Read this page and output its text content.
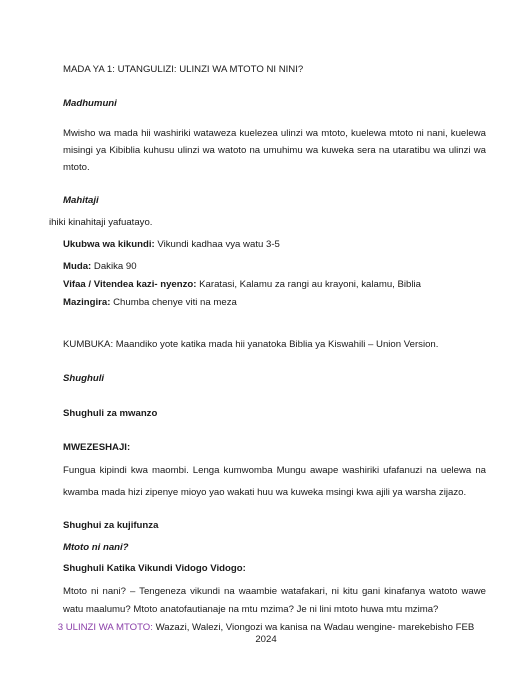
MADA YA 1: UTANGULIZI: ULINZI WA MTOTO NI NINI?
Madhumuni
Mwisho wa mada hii washiriki wataweza kuelezea ulinzi wa mtoto, kuelewa mtoto ni nani, kuelewa
misingi ya Kibiblia kuhusu ulinzi wa watoto na umuhimu wa kuweka sera na utaratibu wa ulinzi wa
mtoto.
Mahitaji
ihiki kinahitaji yafuatayo.
Ukubwa wa kikundi: Vikundi kadhaa vya watu 3-5
Muda: Dakika 90
Vifaa / Vitendea kazi- nyenzo: Karatasi, Kalamu za rangi au krayoni, kalamu, Biblia
Mazingira: Chumba chenye viti na meza
KUMBUKA: Maandiko yote katika mada hii yanatoka Biblia ya Kiswahili – Union Version.
Shughuli
Shughuli za mwanzo
MWEZESHAJI:
Fungua kipindi kwa maombi. Lenga kumwomba Mungu awape washiriki ufafanuzi na uelewa na
kwamba mada hizi zipenye mioyo yao wakati huu wa kuweka msingi kwa ajili ya warsha zijazo.
Shughui za kujifunza
Mtoto ni nani?
Shughuli Katika Vikundi Vidogo Vidogo:
Mtoto ni nani? – Tengeneza vikundi na waambie watafakari, ni kitu gani kinafanya watoto wawe
watu maalumu? Mtoto anatofautianaje na mtu mzima? Je ni lini mtoto huwa mtu mzima?
3 ULINZI WA MTOTO: Wazazi, Walezi, Viongozi wa kanisa na Wadau wengine- marekebisho FEB
2024
